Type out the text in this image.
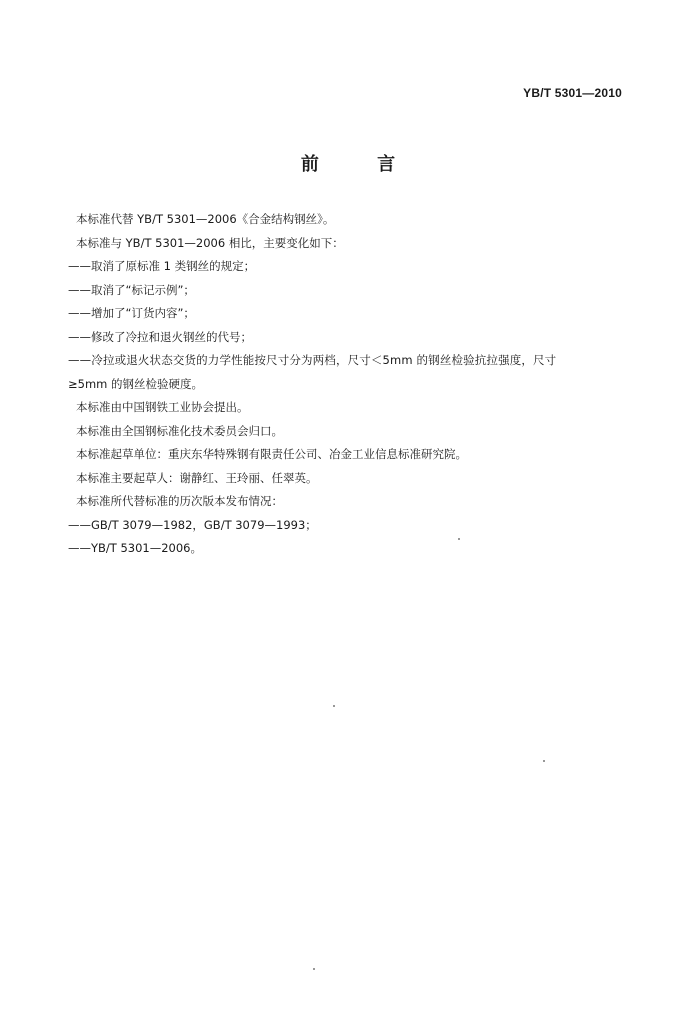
YB/T 5301—2010
前 言
本标准代替 YB/T 5301—2006《合金结构钢丝》。
本标准与 YB/T 5301—2006 相比，主要变化如下：
——取消了原标准 1 类钢丝的规定；
——取消了“标记示例”；
——增加了“订货内容”；
——修改了冷拉和退火钢丝的代号；
——冷拉或退火状态交货的力学性能按尺寸分为两档，尺寸＜5mm 的钢丝检验抗拉强度，尺寸
≥5mm 的钢丝检验硬度。
本标准由中国钢铁工业协会提出。
本标准由全国钢标准化技术委员会归口。
本标准起草单位：重庆东华特殊钢有限责任公司、冶金工业信息标准研究院。
本标准主要起草人：谢静红、王玲丽、任翠英。
本标准所代替标准的历次版本发布情况：
——GB/T 3079—1982，GB/T 3079—1993；
——YB/T 5301—2006。
